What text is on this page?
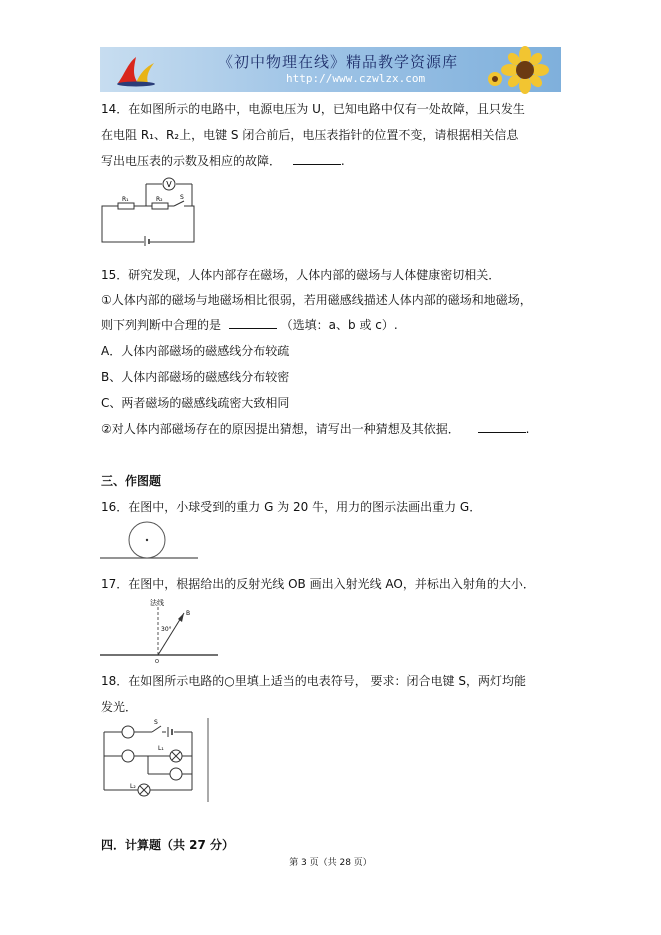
《初中物理在线》精品教学资源库
http://www.czwlzx.com
14．在如图所示的电路中，电源电压为 U，已知电路中仅有一处故障，且只发生
在电阻 R₁、R₂上，电键 S 闭合前后，电压表指针的位置不变，请根据相关信息
写出电压表的示数及相应的故障．	.
V
R₁	R₂	S
15．研究发现，人体内部存在磁场，人体内部的磁场与人体健康密切相关．
①人体内部的磁场与地磁场相比很弱，若用磁感线描述人体内部的磁场和地磁场，
则下列判断中合理的是	（选填：a、b 或 c）.
A．人体内部磁场的磁感线分布较疏
B、人体内部磁场的磁感线分布较密
C、两者磁场的磁感线疏密大致相同
②对人体内部磁场存在的原因提出猜想，请写出一种猜想及其依据．	.
三、作图题
16．在图中，小球受到的重力 G 为 20 牛，用力的图示法画出重力 G．
17．在图中，根据给出的反射光线 OB 画出入射光线 AO，并标出入射角的大小．
法线
B
30°
O
18．在如图所示电路的○里填上适当的电表符号， 要求：闭合电键 S，两灯均能
发光．
S
L₁
L₂
四．计算题（共 27 分）
第 3 页（共 28 页）
